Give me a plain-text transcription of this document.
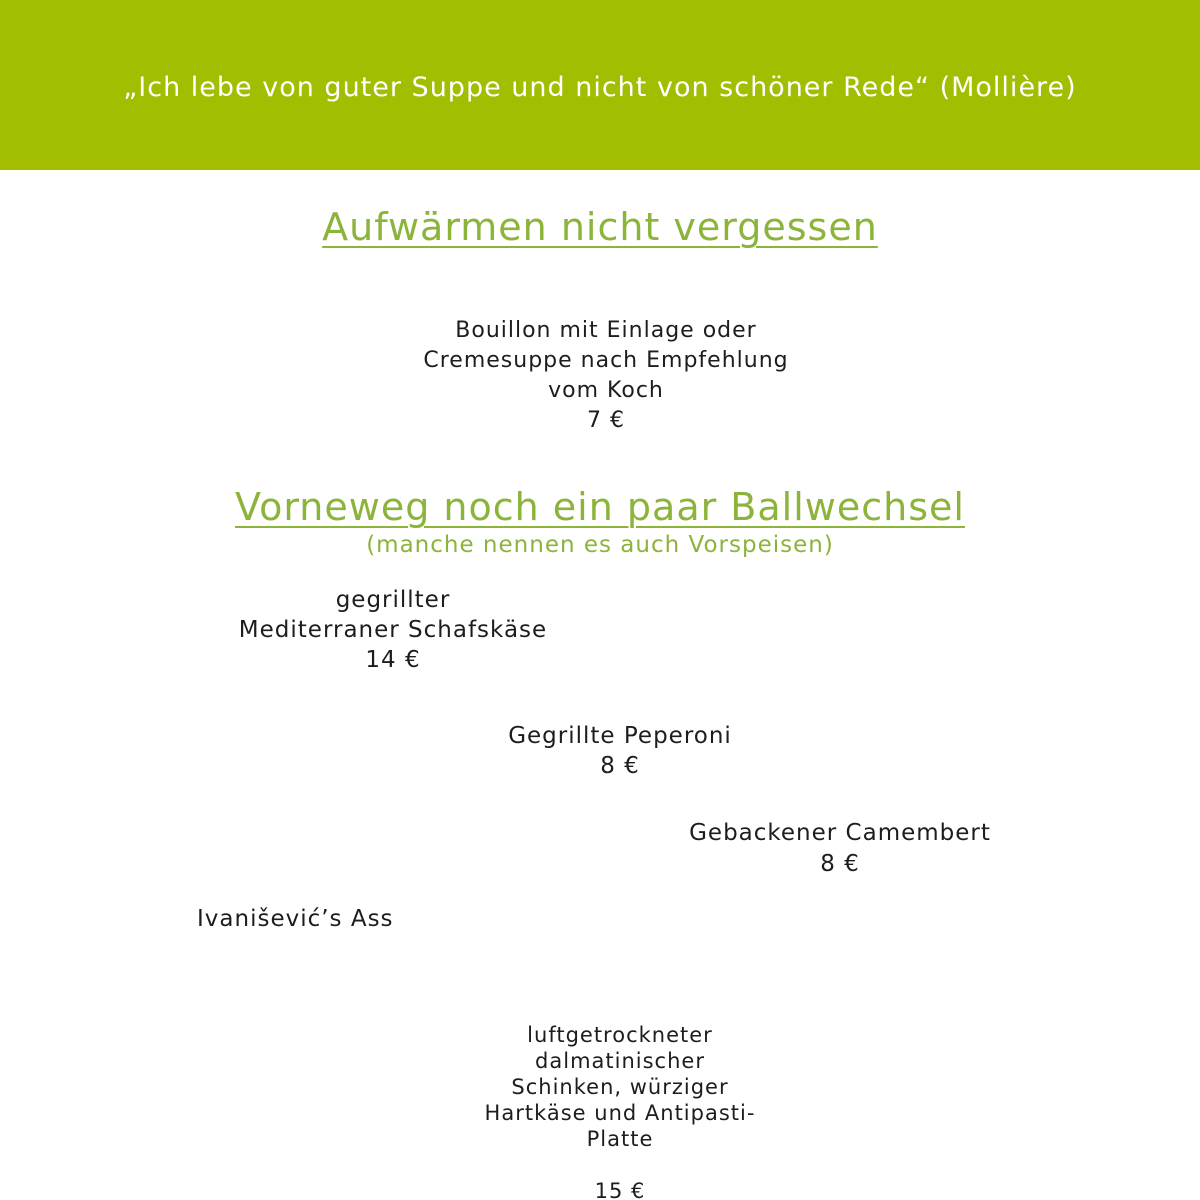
„Ich lebe von guter Suppe und nicht von schöner Rede“ (Mollière)
Aufwärmen nicht vergessen
Bouillon mit Einlage oder
Cremesuppe nach Empfehlung
vom Koch
7 €
Vorneweg noch ein paar Ballwechsel
(manche nennen es auch Vorspeisen)
gegrillter
Mediterraner Schafskäse
14 €
Gegrillte Peperoni
8 €
Gebackener Camembert
8 €
Ivanišević’s Ass
luftgetrockneter
dalmatinischer
Schinken, würziger
Hartkäse und Antipasti-
Platte
15 €
